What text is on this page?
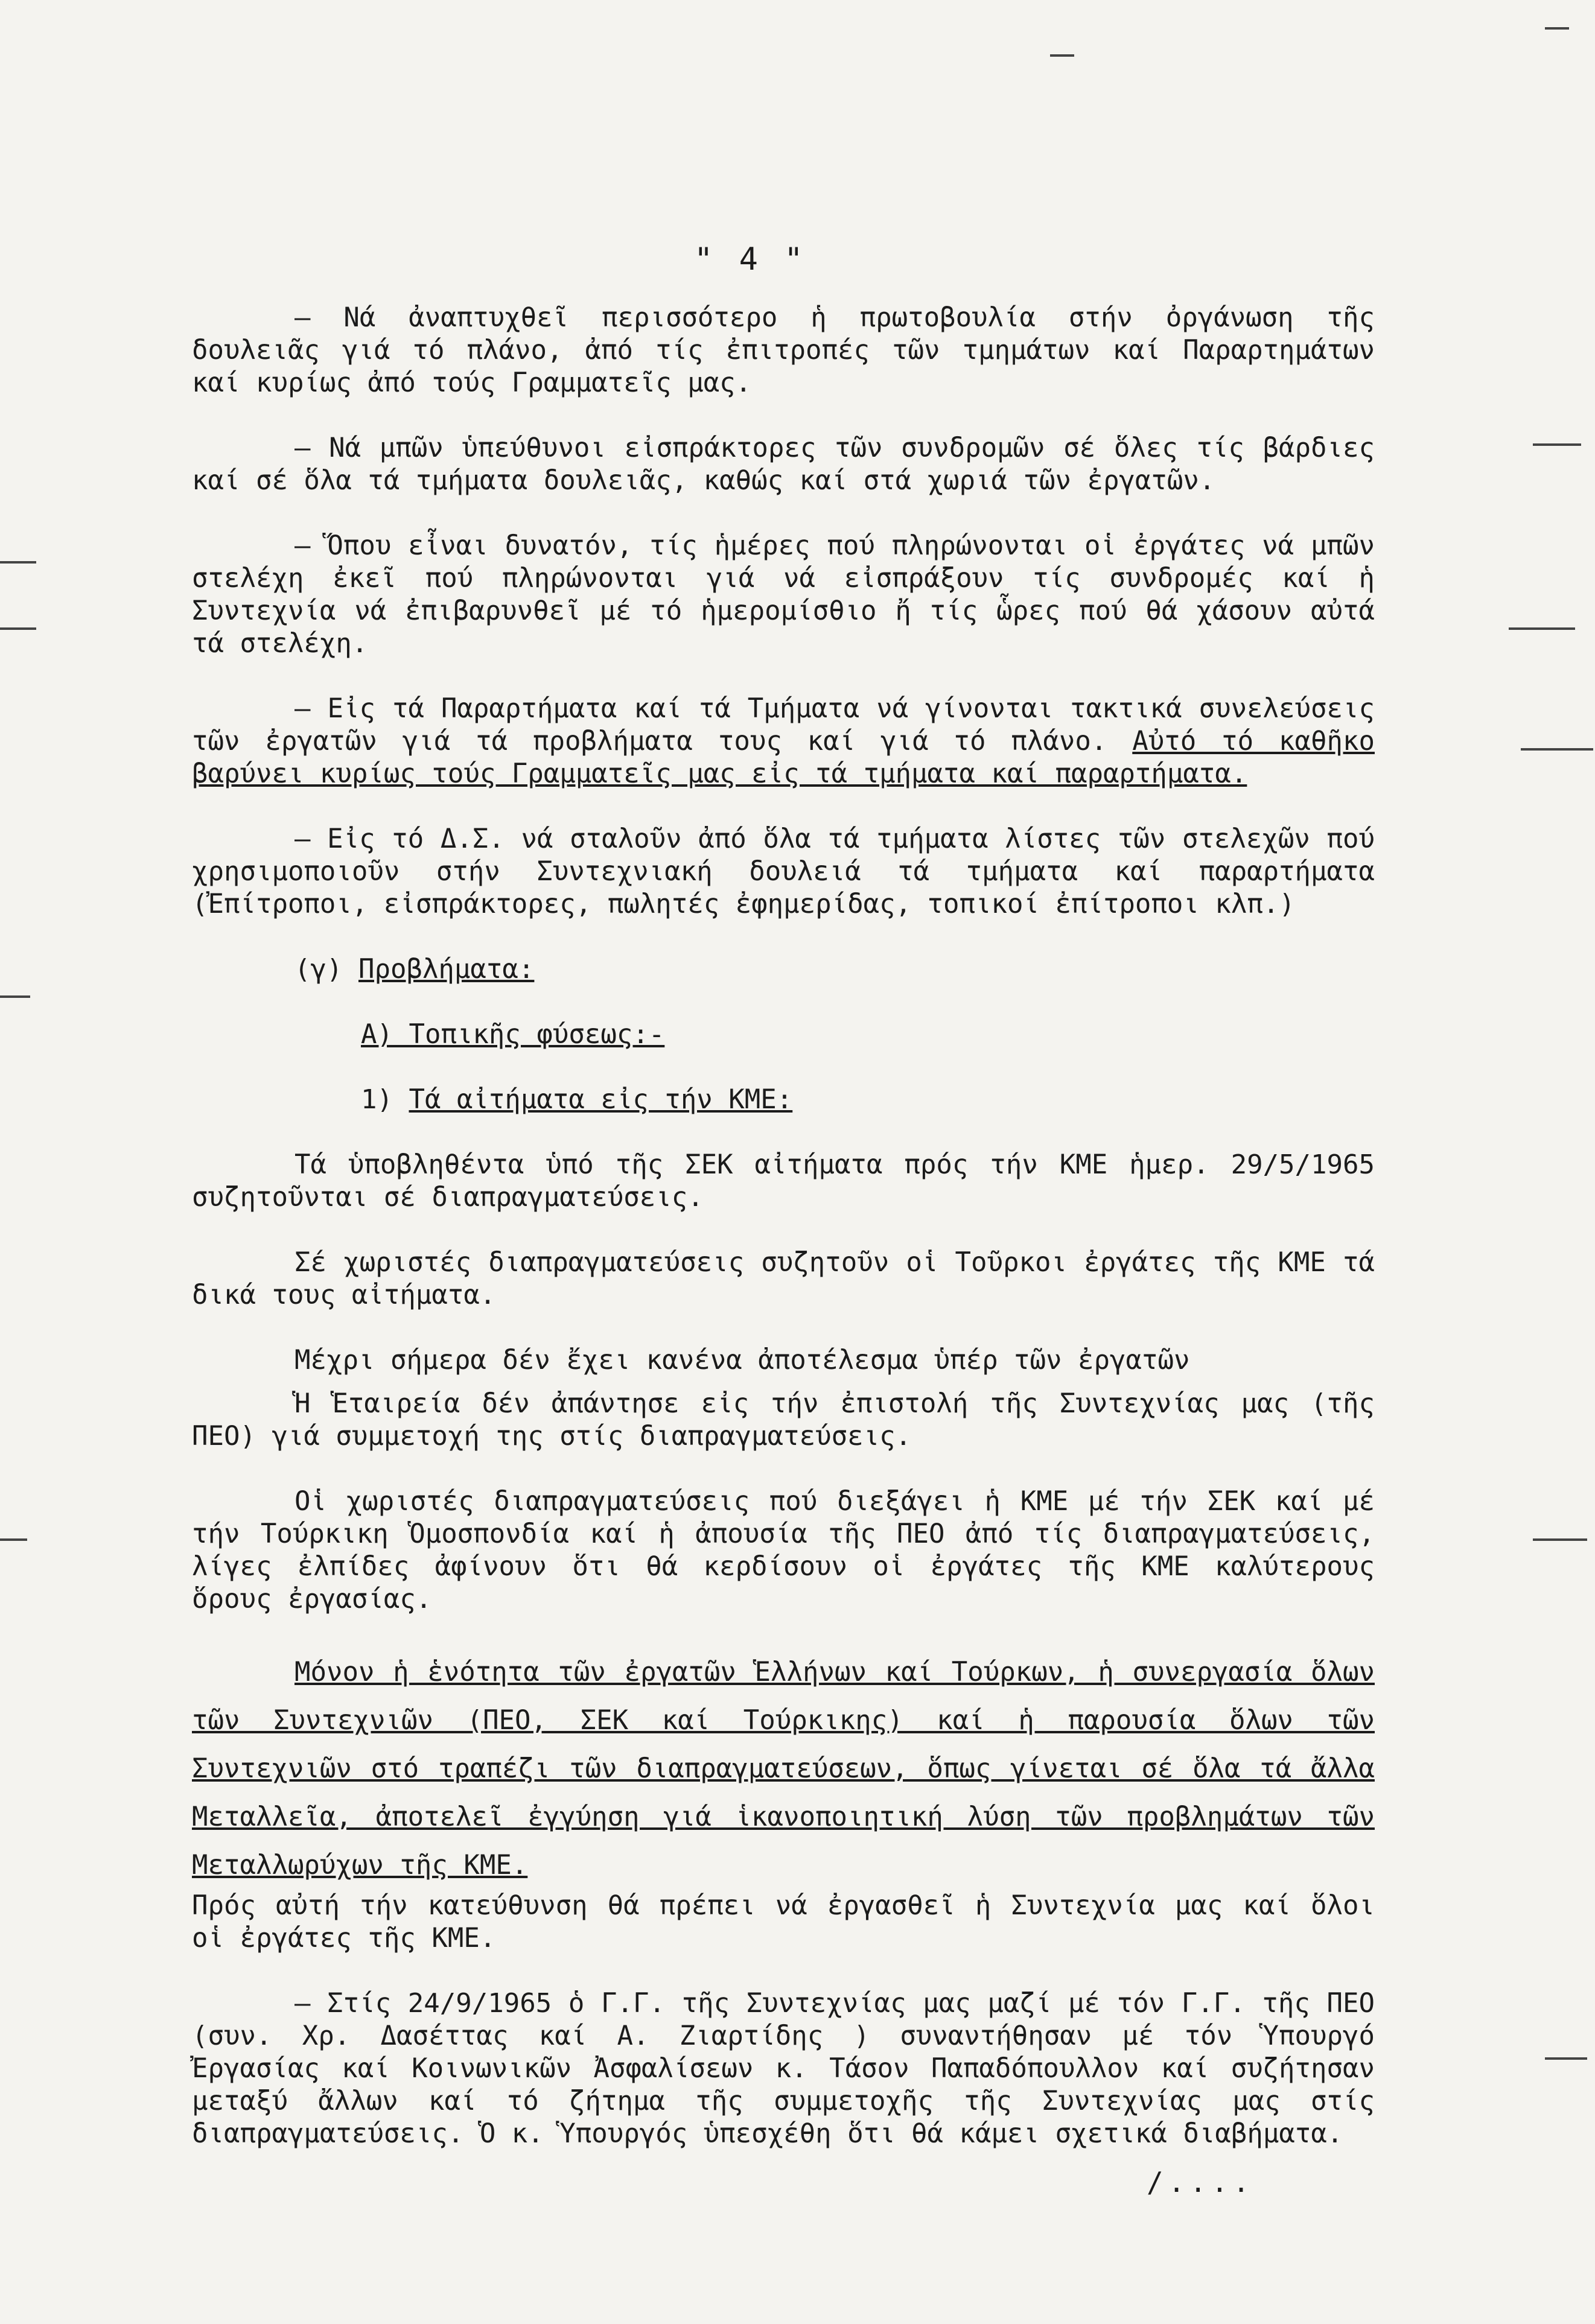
" 4 "

— Νά ἀναπτυχθεῖ περισσότερο ἡ πρωτοβουλία στήν ὀργάνωση τῆς δουλειᾶς γιά τό πλάνο, ἀπό τίς ἐπιτροπές τῶν τμημάτων καί Παραρτημάτων καί κυρίως ἀπό τούς Γραμματεῖς μας.

— Νά μπῶν ὑπεύθυνοι εἰσπράκτορες τῶν συνδρομῶν σέ ὅλες τίς βάρδιες καί σέ ὅλα τά τμήματα δουλειᾶς, καθώς καί στά χωριά τῶν ἐργατῶν.

— Ὅπου εἶναι δυνατόν, τίς ἡμέρες πού πληρώνονται οἱ ἐργάτες νά μπῶν στελέχη ἐκεῖ πού πληρώνονται γιά νά εἰσπράξουν τίς συνδρομές καί ἡ Συντεχνία νά ἐπιβαρυνθεῖ μέ τό ἡμερομίσθιο ἤ τίς ὧρες πού θά χάσουν αὐτά τά στελέχη.

— Εἰς τά Παραρτήματα καί τά Τμήματα νά γίνονται τακτικά συνελεύσεις τῶν ἐργατῶν γιά τά προβλήματα τους καί γιά τό πλάνο. Αὐτό τό καθῆκο βαρύνει κυρίως τούς Γραμματεῖς μας εἰς τά τμήματα καί παραρτήματα.

— Εἰς τό Δ.Σ. νά σταλοῦν ἀπό ὅλα τά τμήματα λίστες τῶν στελεχῶν πού χρησιμοποιοῦν στήν Συντεχνιακή δουλειά τά τμήματα καί παραρτήματα (Ἐπίτροποι, εἰσπράκτορες, πωλητές ἐφημερίδας, τοπικοί ἐπίτροποι κλπ.)

(γ) Προβλήματα:
Α) Τοπικῆς φύσεως:-
1) Τά αἰτήματα εἰς τήν ΚΜΕ:

Τά ὑποβληθέντα ὑπό τῆς ΣΕΚ αἰτήματα πρός τήν ΚΜΕ ἡμερ. 29/5/1965 συζητοῦνται σέ διαπραγματεύσεις.

Σέ χωριστές διαπραγματεύσεις συζητοῦν οἱ Τοῦρκοι ἐργάτες τῆς ΚΜΕ τά δικά τους αἰτήματα.

Μέχρι σήμερα δέν ἔχει κανένα ἀποτέλεσμα ὑπέρ τῶν ἐργατῶν

Ἡ Ἑταιρεία δέν ἀπάντησε εἰς τήν ἐπιστολή τῆς Συντεχνίας μας (τῆς ΠΕΟ) γιά συμμετοχή της στίς διαπραγματεύσεις.

Οἱ χωριστές διαπραγματεύσεις πού διεξάγει ἡ ΚΜΕ μέ τήν ΣΕΚ καί μέ τήν Τούρκικη Ὁμοσπονδία καί ἡ ἀπουσία τῆς ΠΕΟ ἀπό τίς διαπραγματεύσεις, λίγες ἐλπίδες ἀφίνουν ὅτι θά κερδίσουν οἱ ἐργάτες τῆς ΚΜΕ καλύτερους ὅρους ἐργασίας.

Μόνον ἡ ἑνότητα τῶν ἐργατῶν Ἑλλήνων καί Τούρκων, ἡ συνεργασία ὅλων τῶν Συντεχνιῶν (ΠΕΟ, ΣΕΚ καί Τούρκικης) καί ἡ παρουσία ὅλων τῶν Συντεχνιῶν στό τραπέζι τῶν διαπραγματεύσεων, ὅπως γίνεται σέ ὅλα τά ἄλλα Μεταλλεῖα, ἀποτελεῖ ἐγγύηση γιά ἱκανοποιητική λύση τῶν προβλημάτων τῶν Μεταλλωρύχων τῆς ΚΜΕ.

Πρός αὐτή τήν κατεύθυνση θά πρέπει νά ἐργασθεῖ ἡ Συντεχνία μας καί ὅλοι οἱ ἐργάτες τῆς ΚΜΕ.

— Στίς 24/9/1965 ὁ Γ.Γ. τῆς Συντεχνίας μας μαζί μέ τόν Γ.Γ. τῆς ΠΕΟ (συν. Χρ. Δασέττας καί Α. Ζιαρτίδης ) συναντήθησαν μέ τόν Ὑπουργό Ἐργασίας καί Κοινωνικῶν Ἀσφαλίσεων κ. Τάσον Παπαδόπουλλον καί συζήτησαν μεταξύ ἄλλων καί τό ζήτημα τῆς συμμετοχῆς τῆς Συντεχνίας μας στίς διαπραγματεύσεις. Ὁ κ. Ὑπουργός ὑπεσχέθη ὅτι θά κάμει σχετικά διαβήματα.

/....
